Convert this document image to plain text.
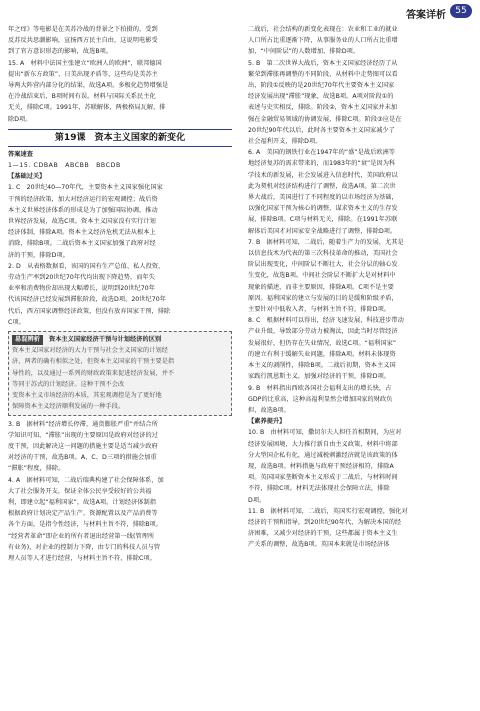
答案详析	55

年之痒》等电影是在美苏冷战的背景之下拍摄的，受到

反苏反共思潮影响，宣扬西方民主自由，这说明电影受

到了官方意识形态的影响，故选B项。

15. A　材料中法国主张建立“欧洲人的欧洲”，联邦德国

提出“新东方政策”，日美出现矛盾等，这些均是美苏主

导两大阵营内部分化的结果，故选A项。多极化趋势增强是

在冷战结束后，B项时间有误。材料与国际关系民主化

无关，排除C项。1991年，苏联解体，两极格局瓦解，排

除D项。

第19课　资本主义国家的新变化

答案速查

1—15. CDBAB　ABCBB　BBCDB

【基础过关】

1. C　20世纪40—70年代，主要资本主义国家强化国家

干预的经济政策，加大对经济运行的宏观调控；战后资

本主义世界经济体系的形成是为了加强国际协调，推动

世界经济发展，故选C项。资本主义国家没有实行计划

经济体制，排除A项。资本主义经济危机无法从根本上

消除，排除B项。二战后资本主义国家加强了政府对经

济的干预，排除D项。

2. D　从表格数据看，该国的国有生产总值、私人投资、

劳动生产率到20世纪70年代均出现下降趋势，而年失

业率和消费物价却出现大幅增长，说明到20世纪70年

代该国经济已经发展到滞胀阶段，故选D项。20世纪70年

代后，西方国家调整经济政策，但没有放弃国家干预，排除

C项。

易混辨析	资本主义国家经济干预与计划经济的区别

资本主义国家对经济的大力干预与社会主义国家的计划经

济，两者的确有相似之处，但资本主义国家的干预主要是指

导性的，以及通过一系列的财政政策来促进经济发展，并不

等同于苏式的计划经济。这种干预不会改

变资本主义市场经济的本质，其宏观调控是为了更好地

保障资本主义经济顺利发展的一种手段。

3. B　据材料“经济增长停滞，通货膨胀严重”并结合所

学知识可知，“滞胀”出现的主要原因是政府对经济的过

度干预，因此解决这一问题的措施主要是适当减少政府

对经济的干预，故选B项。A、C、D三项的措施会加重

“滞胀”程度，排除。

4. A　据材料可知，二战后瑞典构建了社会保障体系，加

大了社会服务开支，保证全体公民享受较好的公共福

利，即建立起“福利国家”，故选A项。计划经济体制指

根据政府计划决定产品生产、资源配置以及产品消费等

各个方面，是指令性经济，与材料主旨不符，排除B项。

“经营者革命”即企业的所有者退出经营第一线(管理所

有业务)，对企业的控制力下降，由专门的科技人员与管

理人员等人才进行经营，与材料主旨不符，排除C项。

二战后，社会结构的新变化表现在：农业和工业的就业

人口所占比重逐渐下降，从事服务业的人口所占比重增

加，“中间阶层”的人数增加，排除D项。

5. B　第二次世界大战后，资本主义国家经济经历了从

繁荣到滞胀再调整的不同阶段，从材料中走势图可以看

出，阶段①反映的是20世纪70年代主要资本主义国家

经济发展出现“滞胀”现象，故选B项。A项对阶段①的

表述与史实相反，排除。阶段②，资本主义国家并未加

强在金融贸易领域的协调发展，排除C项。阶段③应是在

20世纪90年代以后，此时各主要资本主义国家减少了

社会福利开支，排除D项。

6. A　美国的钢铁行业在1947年的“盛”是战后欧洲等

地经济复苏的需求带来的，而1983年的“衰”是因为科

学技术的新发展，社会发展进入信息时代，美国政府以

此为契机对经济结构进行了调整，故选A项。第二次世

界大战后，美国进行了不同程度的以市场经济为基础，

以强化国家干预为核心的调整，谋求资本主义的生存发

展，排除B项。C项与材料无关，排除。在1991年苏联

解体后美国才对国家安全战略进行了调整，排除D项。

7. B　据材料可知，二战后，随着生产力的发展，尤其是

以信息技术为代表的第三次科技革命的推动，美国社会

阶层出现变化，中间阶层不断壮大，社会分层的轴心发

生变化，故选B项。中间社会阶层不断扩大是对材料中

现象的描述，而非主要原因，排除A项。C项不是主要

原因。福利国家的建立与发展的目的是缓和阶级矛盾，

主要针对中低收入者，与材料主旨不符，排除D项。

8. C　根据材料可以得出，经济飞速发展，科技进步带动

产业升级，导致部分劳动力被淘汰，因此当时尽管经济

发展很好，但仍存在失业情况，故选C项。“福利国家”

的建立有利于缓解失业问题，排除A项。材料未体现资

本主义的剥削性，排除B项。二战后初期，资本主义国

家践行凯恩斯主义，加强对经济的干预，排除D项。

9. B　材料指出西欧各国社会福利支出的增长快，占

GDP的比重高，这种高福利显然会增加国家的财政负

担，故选B项。

【素养提升】

10. B　由材料可知，撒切尔夫人担任首相期间，为应对

经济发展困境，大力推行新自由主义政策，材料中将部

分大型国企私有化，通过减税刺激经济就是该政策的体

现，故选B项。材料措施与政府干预经济相符，排除A

项。英国国家垄断资本主义形成于二战后，与材料时间

不符，排除C项。材料无法体现社会保障立法，排除

D项。

11. B　据材料可知，二战后，英国实行宏观调控，强化对

经济的干预和指导，到20世纪90年代，为解决本国的经

济困难，又减少对经济的干预，这些都属于资本主义生

产关系的调整，故选B项。英国本来就是市场经济体
